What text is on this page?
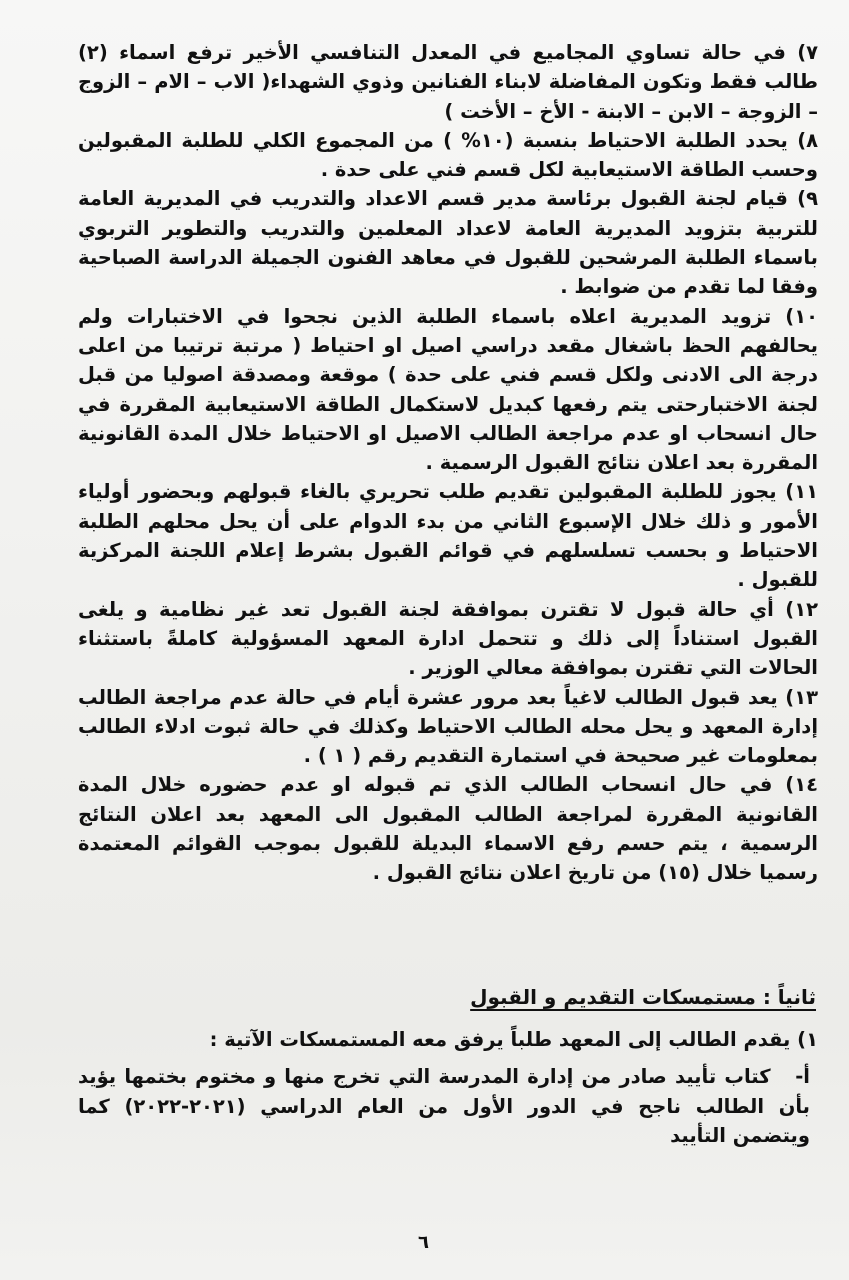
٧) في حالة تساوي المجاميع في المعدل التنافسي الأخير ترفع اسماء (٢) طالب فقط وتكون المفاضلة لابناء الفنانين وذوي الشهداء( الاب – الام – الزوج – الزوجة – الابن – الابنة - الأخ – الأخت )

٨) يحدد الطلبة الاحتياط بنسبة (١٠% ) من المجموع الكلي للطلبة المقبولين وحسب الطاقة الاستيعابية لكل قسم فني على حدة .

٩) قيام لجنة القبول برئاسة مدير قسم الاعداد والتدريب في المديرية العامة للتربية بتزويد المديرية العامة لاعداد المعلمين والتدريب والتطوير التربوي باسماء الطلبة المرشحين للقبول في معاهد الفنون الجميلة الدراسة الصباحية وفقا لما تقدم من ضوابط .

١٠) تزويد المديرية اعلاه باسماء الطلبة الذين نجحوا في الاختبارات ولم يحالفهم الحظ باشغال مقعد دراسي اصيل او احتياط ( مرتبة ترتيبا من اعلى درجة الى الادنى ولكل قسم فني على حدة ) موقعة ومصدقة اصوليا من قبل لجنة الاختبارحتى يتم رفعها كبديل لاستكمال الطاقة الاستيعابية المقررة في حال انسحاب او عدم مراجعة الطالب الاصيل او الاحتياط خلال المدة القانونية المقررة بعد اعلان نتائج القبول الرسمية .

١١) يجوز للطلبة المقبولين تقديم طلب تحريري بالغاء قبولهم وبحضور أولياء الأمور و ذلك خلال الإسبوع الثاني من بدء الدوام على أن يحل محلهم الطلبة الاحتياط و بحسب تسلسلهم في قوائم القبول بشرط إعلام اللجنة المركزية للقبول .

١٢) أي حالة قبول لا تقترن بموافقة لجنة القبول تعد غير نظامية و يلغى القبول استناداً إلى ذلك و تتحمل ادارة المعهد المسؤولية كاملةً باستثناء الحالات التي تقترن بموافقة معالي الوزير .

١٣) يعد قبول الطالب لاغياً بعد مرور عشرة أيام في حالة عدم مراجعة الطالب إدارة المعهد و يحل محله الطالب الاحتياط وكذلك في حالة ثبوت ادلاء الطالب بمعلومات غير صحيحة في استمارة التقديم رقم ( ١ ) .

١٤) في حال انسحاب الطالب الذي تم قبوله او عدم حضوره خلال المدة القانونية المقررة لمراجعة الطالب المقبول الى المعهد بعد اعلان النتائج الرسمية ، يتم حسم رفع الاسماء البديلة للقبول بموجب القوائم المعتمدة رسميا خلال (١٥) من تاريخ اعلان نتائج القبول .

ثانياً : مستمسكات التقديم و القبول

١) يقدم الطالب إلى المعهد طلباً يرفق معه المستمسكات الآتية :

أ-   كتاب تأييد صادر من إدارة المدرسة التي تخرج منها و مختوم بختمها يؤيد بأن الطالب ناجح في الدور الأول من العام الدراسي (٢٠٢١-٢٠٢٢) كما ويتضمن التأييد

٦
